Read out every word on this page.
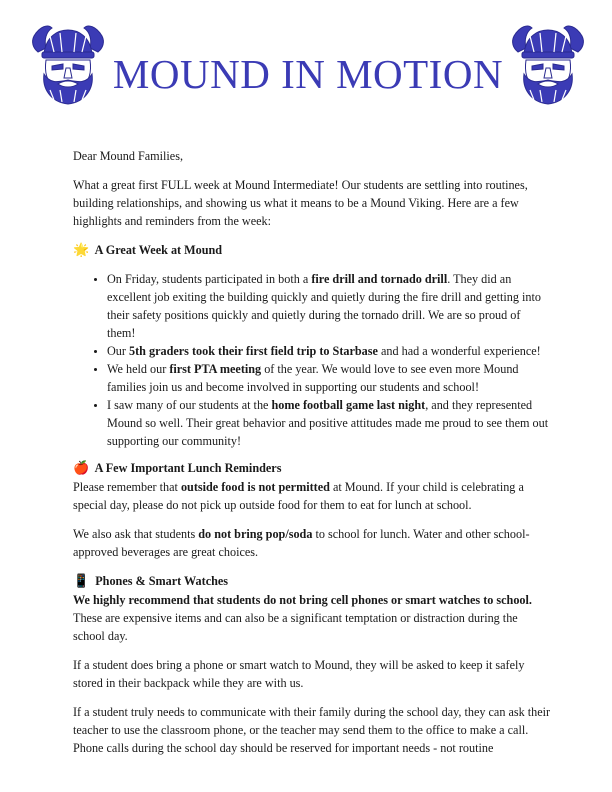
MOUND IN MOTION

Dear Mound Families,

What a great first FULL week at Mound Intermediate! Our students are settling into routines, building relationships, and showing us what it means to be a Mound Viking. Here are a few highlights and reminders from the week:

🌟 A Great Week at Mound
• On Friday, students participated in both a fire drill and tornado drill. They did an excellent job exiting the building quickly and quietly during the fire drill and getting into their safety positions quickly and quietly during the tornado drill. We are so proud of them!
• Our 5th graders took their first field trip to Starbase and had a wonderful experience!
• We held our first PTA meeting of the year. We would love to see even more Mound families join us and become involved in supporting our students and school!
• I saw many of our students at the home football game last night, and they represented Mound so well. Their great behavior and positive attitudes made me proud to see them out supporting our community!
🍎 A Few Important Lunch Reminders

Please remember that outside food is not permitted at Mound. If your child is celebrating a special day, please do not pick up outside food for them to eat for lunch at school.

We also ask that students do not bring pop/soda to school for lunch. Water and other school-approved beverages are great choices.

📱 Phones & Smart Watches

We highly recommend that students do not bring cell phones or smart watches to school. These are expensive items and can also be a significant temptation or distraction during the school day.

If a student does bring a phone or smart watch to Mound, they will be asked to keep it safely stored in their backpack while they are with us.

If a student truly needs to communicate with their family during the school day, they can ask their teacher to use the classroom phone, or the teacher may send them to the office to make a call. Phone calls during the school day should be reserved for important needs - not routine
